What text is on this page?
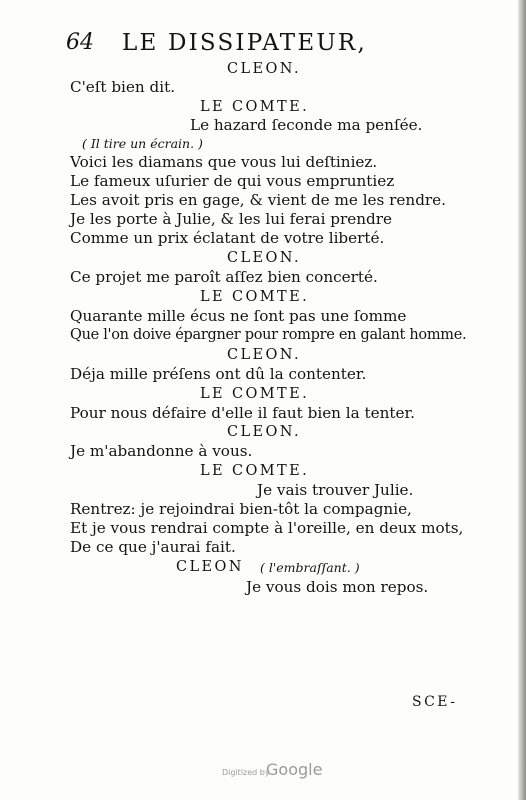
64 LE DISSIPATEUR,
CLEON.
C'eſt bien dit.
LE COMTE.
Le hazard ſeconde ma penſée.
( Il tire un écrain. )
Voici les diamans que vous lui deſtiniez.
Le fameux uſurier de qui vous empruntiez
Les avoit pris en gage, & vient de me les rendre.
Je les porte à Julie, & les lui ferai prendre
Comme un prix éclatant de votre liberté.
CLEON.
Ce projet me paroît aſſez bien concerté.
LE COMTE.
Quarante mille écus ne ſont pas une ſomme
Que l'on doive épargner pour rompre en galant homme.
CLEON.
Déja mille préſens ont dû la contenter.
LE COMTE.
Pour nous défaire d'elle il faut bien la tenter.
CLEON.
Je m'abandonne à vous.
LE COMTE.
Je vais trouver Julie.
Rentrez: je rejoindrai bien-tôt la compagnie,
Et je vous rendrai compte à l'oreille, en deux mots,
De ce que j'aurai fait.
CLEON ( l'embraſſant. )
Je vous dois mon repos.
SCE-
Digitized by
Google
